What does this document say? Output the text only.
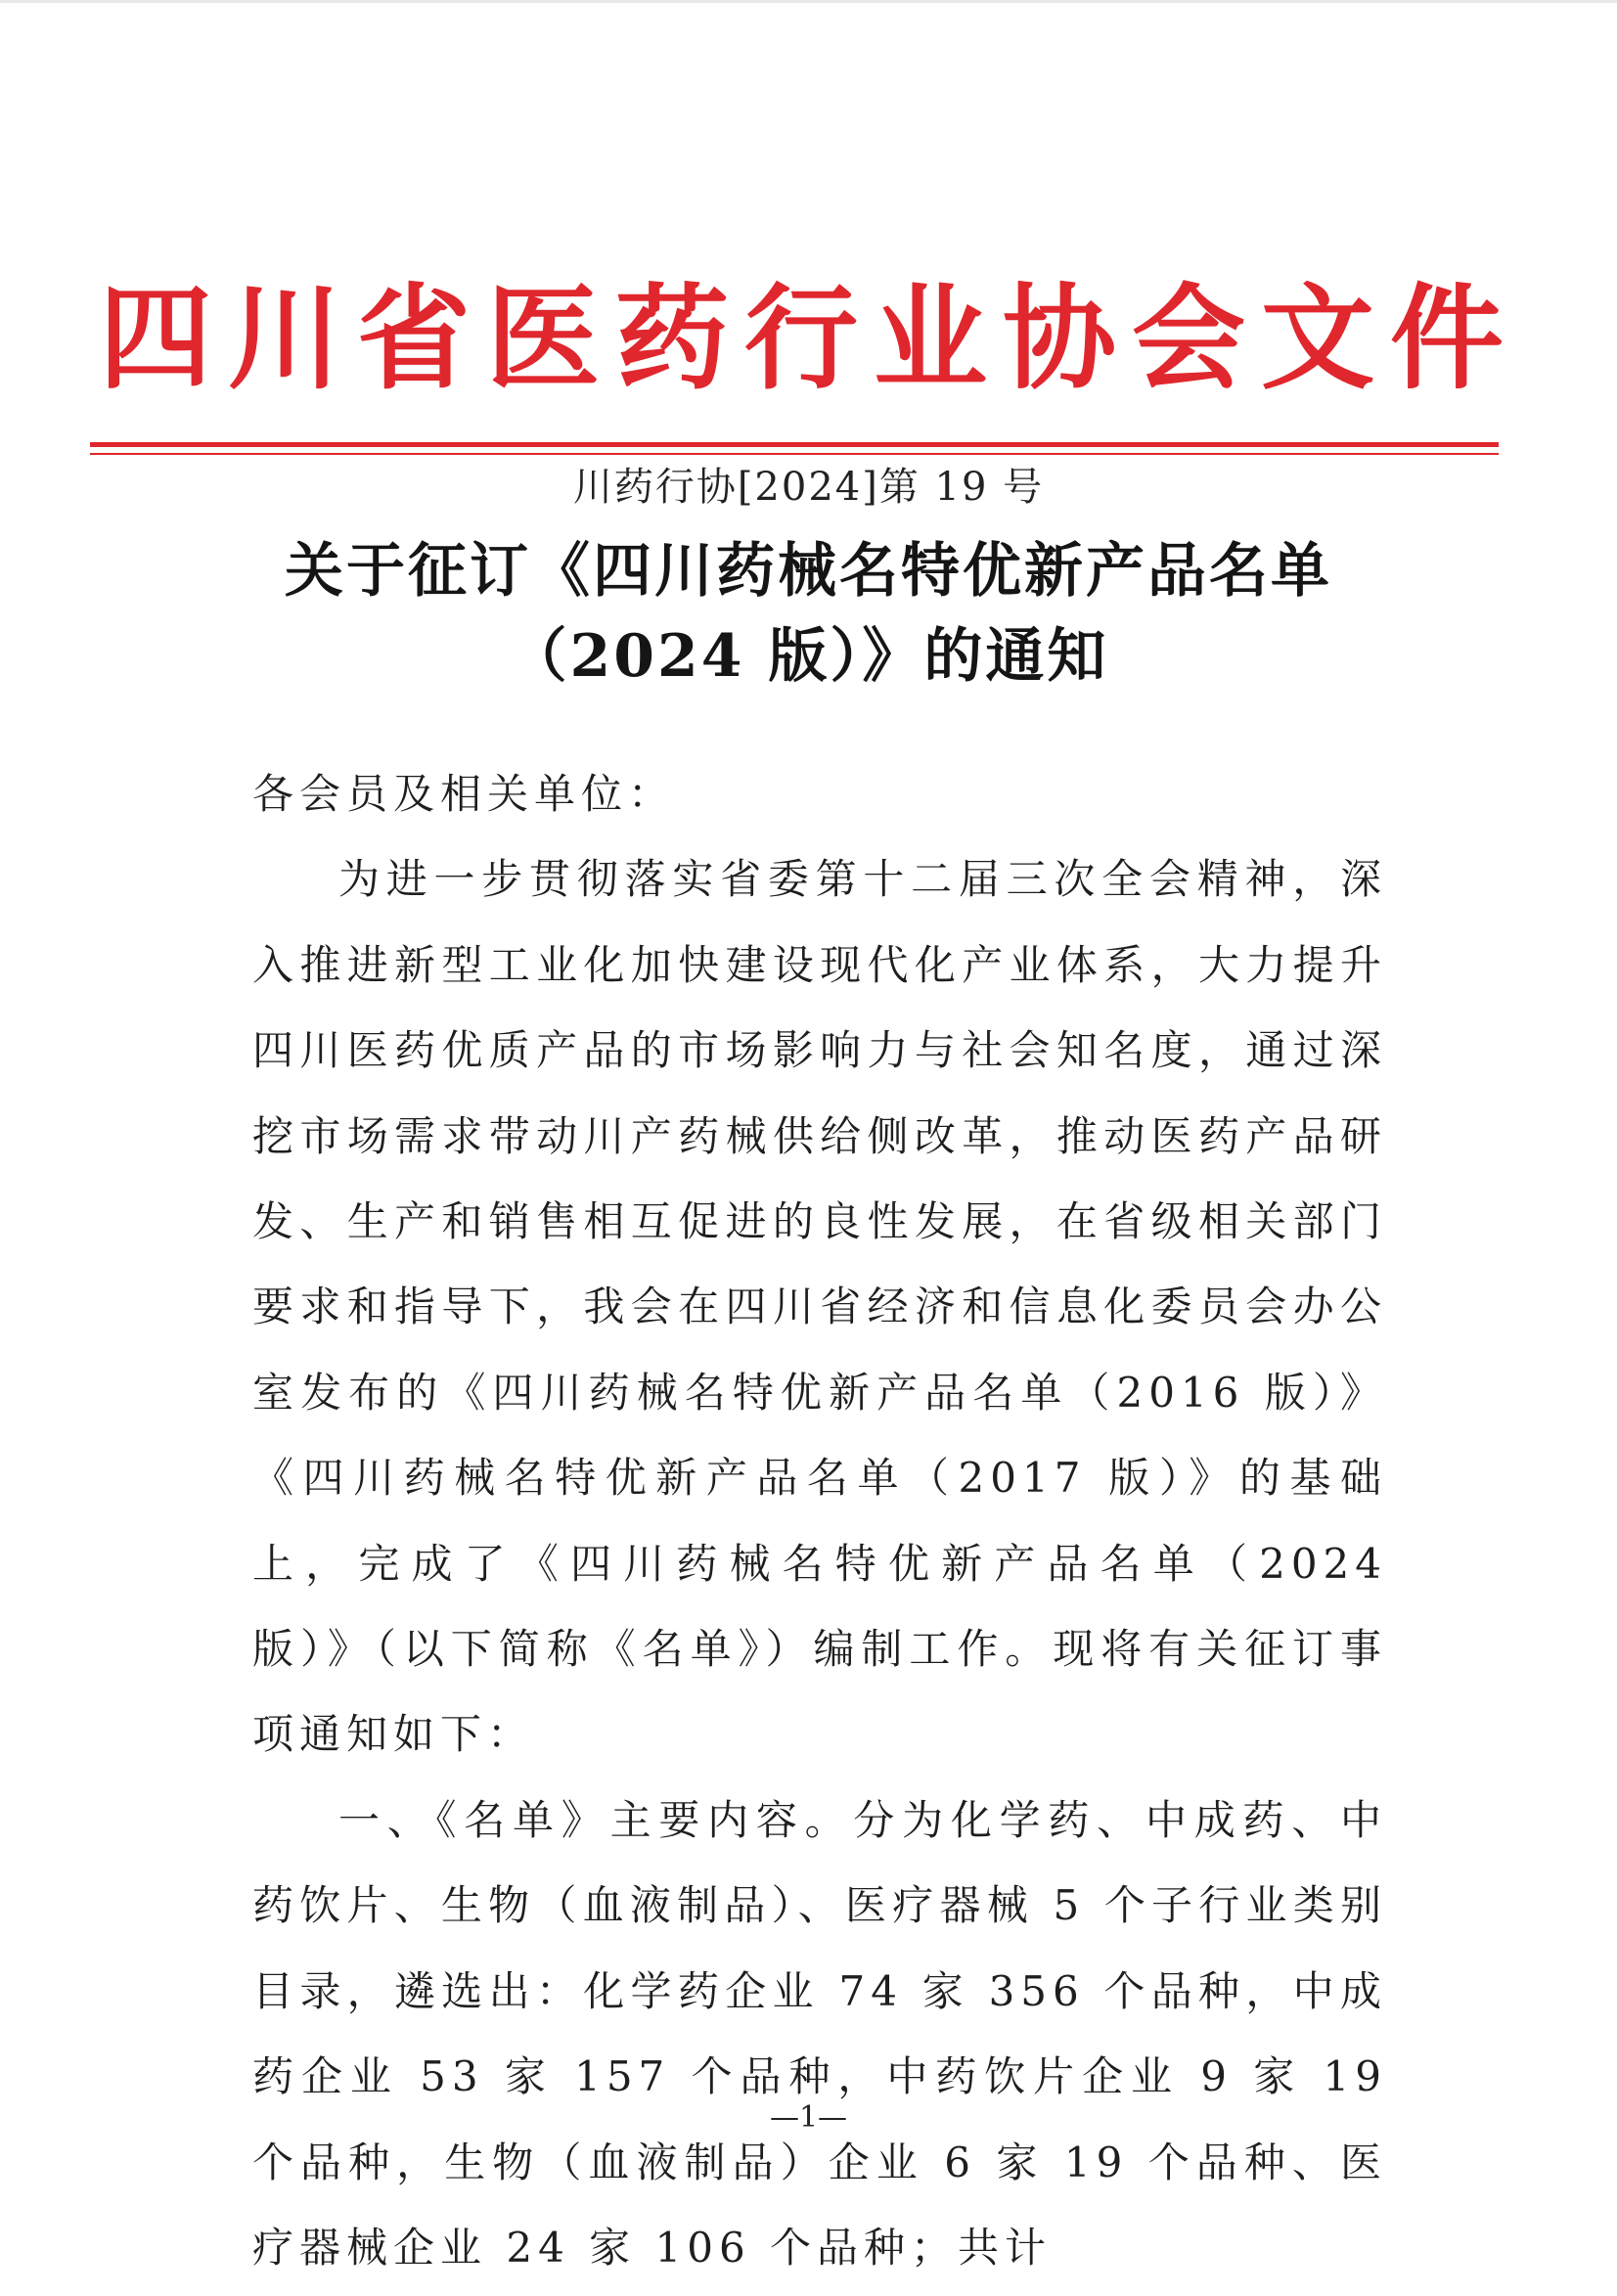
四川省医药行业协会文件
川药行协[2024]第 19 号
关于征订《四川药械名特优新产品名单
（2024 版）》的通知

各会员及相关单位：

为进一步贯彻落实省委第十二届三次全会精神，深入推进新型工业化加快建设现代化产业体系，大力提升四川医药优质产品的市场影响力与社会知名度，通过深挖市场需求带动川产药械供给侧改革，推动医药产品研发、生产和销售相互促进的良性发展，在省级相关部门要求和指导下，我会在四川省经济和信息化委员会办公室发布的《四川药械名特优新产品名单（2016 版）》《四川药械名特优新产品名单（2017 版）》的基础上，完成了《四川药械名特优新产品名单（2024 版）》（以下简称《名单》）编制工作。现将有关征订事项通知如下：

一、《名单》主要内容。分为化学药、中成药、中药饮片、生物（血液制品）、医疗器械 5 个子行业类别目录，遴选出：化学药企业 74 家 356 个品种，中成药企业 53 家 157 个品种，中药饮片企业 9 家 19 个品种，生物（血液制品）企业 6 家 19 个品种、医疗器械企业 24 家 106 个品种；共计

—1—
